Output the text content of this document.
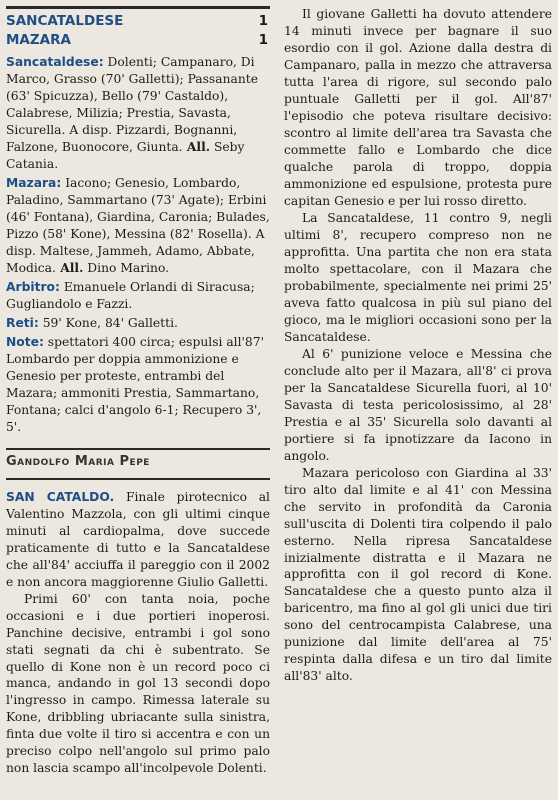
SANCATALDESE	1
MAZARA	1

Sancataldese: Dolenti; Campanaro, Di Marco, Grasso (70' Galletti); Passanante (63' Spicuzza), Bello (79' Castaldo), Calabrese, Milizia; Prestia, Savasta, Sicurella. A disp. Pizzardi, Bognanni, Falzone, Buonocore, Giunta. All. Seby Catania.

Mazara: Iacono; Genesio, Lombardo, Paladino, Sammartano (73' Agate); Erbini (46' Fontana), Giardina, Caronia; Bulades, Pizzo (58' Kone), Messina (82' Rosella). A disp. Maltese, Jammeh, Adamo, Abbate, Modica. All. Dino Marino.

Arbitro: Emanuele Orlandi di Siracusa; Gugliandolo e Fazzi.

Reti: 59' Kone, 84' Galletti.

Note: spettatori 400 circa; espulsi all'87' Lombardo per doppia ammonizione e Genesio per proteste, entrambi del Mazara; ammoniti Prestia, Sammartano, Fontana; calci d'angolo 6-1; Recupero 3', 5'.

Gandolfo Maria Pepe

SAN CATALDO. Finale pirotecnico al Valentino Mazzola, con gli ultimi cinque minuti al cardiopalma, dove succede praticamente di tutto e la Sancataldese che all'84' acciuffa il pareggio con il 2002 e non ancora maggiorenne Giulio Galletti.

Primi 60' con tanta noia, poche occasioni e i due portieri inoperosi. Panchine decisive, entrambi i gol sono stati segnati da chi è subentrato. Se quello di Kone non è un record poco ci manca, andando in gol 13 secondi dopo l'ingresso in campo. Rimessa laterale su Kone, dribbling ubriacante sulla sinistra, finta due volte il tiro si accentra e con un preciso colpo nell'angolo sul primo palo non lascia scampo all'incolpevole Dolenti.

Il giovane Galletti ha dovuto attendere 14 minuti invece per bagnare il suo esordio con il gol. Azione dalla destra di Campanaro, palla in mezzo che attraversa tutta l'area di rigore, sul secondo palo puntuale Galletti per il gol. All'87' l'episodio che poteva risultare decisivo: scontro al limite dell'area tra Savasta che commette fallo e Lombardo che dice qualche parola di troppo, doppia ammonizione ed espulsione, protesta pure capitan Genesio e per lui rosso diretto.

La Sancataldese, 11 contro 9, negli ultimi 8', recupero compreso non ne approfitta. Una partita che non era stata molto spettacolare, con il Mazara che probabilmente, specialmente nei primi 25' aveva fatto qualcosa in più sul piano del gioco, ma le migliori occasioni sono per la Sancataldese.

Al 6' punizione veloce e Messina che conclude alto per il Mazara, all'8' ci prova per la Sancataldese Sicurella fuori, al 10' Savasta di testa pericolosissimo, al 28' Prestia e al 35' Sicurella solo davanti al portiere si fa ipnotizzare da Iacono in angolo.

Mazara pericoloso con Giardina al 33' tiro alto dal limite e al 41' con Messina che servito in profondità da Caronia sull'uscita di Dolenti tira colpendo il palo esterno. Nella ripresa Sancataldese inizialmente distratta e il Mazara ne approfitta con il gol record di Kone. Sancataldese che a questo punto alza il baricentro, ma fino al gol gli unici due tiri sono del centrocampista Calabrese, una punizione dal limite dell'area al 75' respinta dalla difesa e un tiro dal limite all'83' alto.
